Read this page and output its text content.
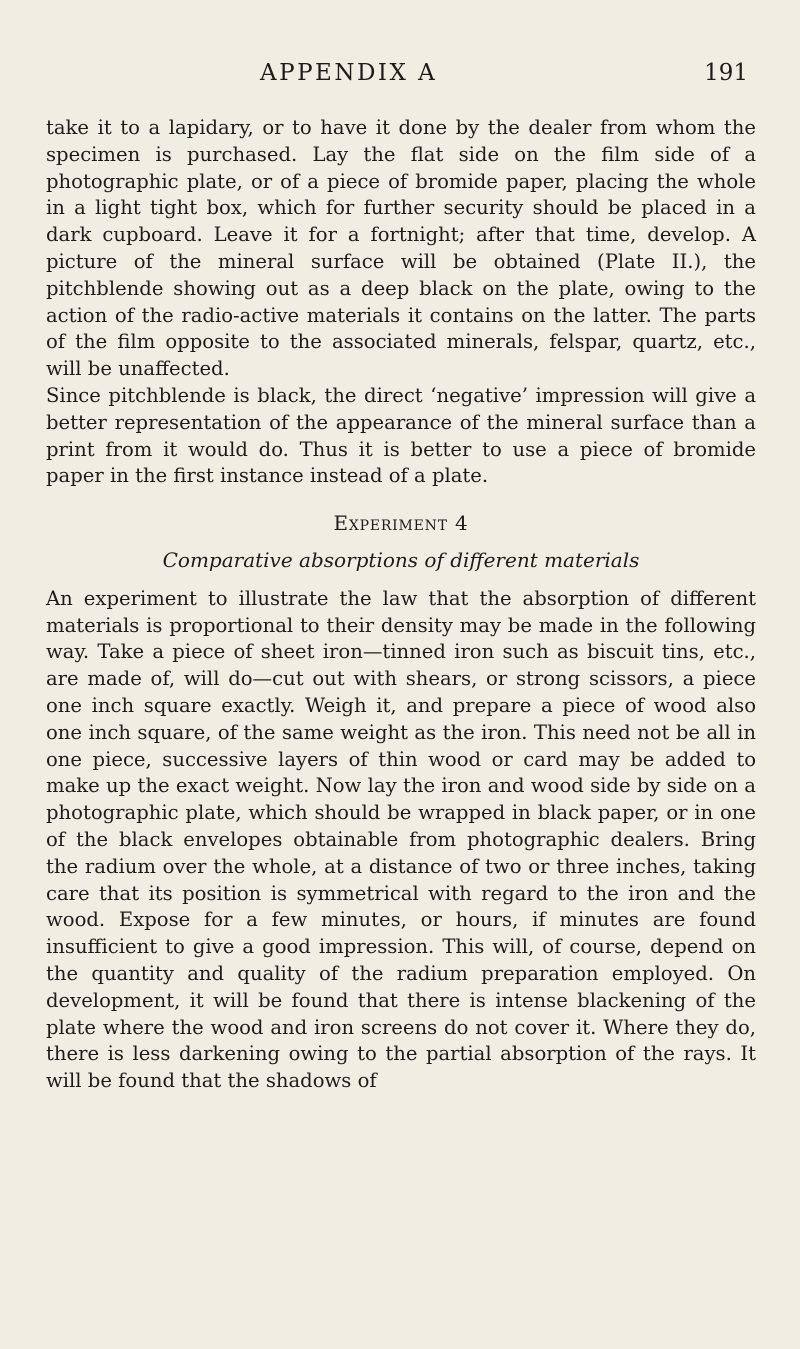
APPENDIX A	191

take it to a lapidary, or to have it done by the dealer from whom the specimen is purchased. Lay the flat side on the film side of a photographic plate, or of a piece of bromide paper, placing the whole in a light tight box, which for further security should be placed in a dark cupboard. Leave it for a fortnight; after that time, develop. A picture of the mineral surface will be obtained (Plate II.), the pitchblende showing out as a deep black on the plate, owing to the action of the radio-active materials it contains on the latter. The parts of the film opposite to the associated minerals, felspar, quartz, etc., will be unaffected.

Since pitchblende is black, the direct ‘negative’ impression will give a better representation of the appearance of the mineral surface than a print from it would do. Thus it is better to use a piece of bromide paper in the first instance instead of a plate.

Experiment 4
Comparative absorptions of different materials

An experiment to illustrate the law that the absorption of different materials is proportional to their density may be made in the following way. Take a piece of sheet iron—tinned iron such as biscuit tins, etc., are made of, will do—cut out with shears, or strong scissors, a piece one inch square exactly. Weigh it, and prepare a piece of wood also one inch square, of the same weight as the iron. This need not be all in one piece, successive layers of thin wood or card may be added to make up the exact weight. Now lay the iron and wood side by side on a photographic plate, which should be wrapped in black paper, or in one of the black envelopes obtainable from photographic dealers. Bring the radium over the whole, at a distance of two or three inches, taking care that its position is symmetrical with regard to the iron and the wood. Expose for a few minutes, or hours, if minutes are found insufficient to give a good impression. This will, of course, depend on the quantity and quality of the radium preparation employed. On development, it will be found that there is intense blackening of the plate where the wood and iron screens do not cover it. Where they do, there is less darkening owing to the partial absorption of the rays. It will be found that the shadows of
